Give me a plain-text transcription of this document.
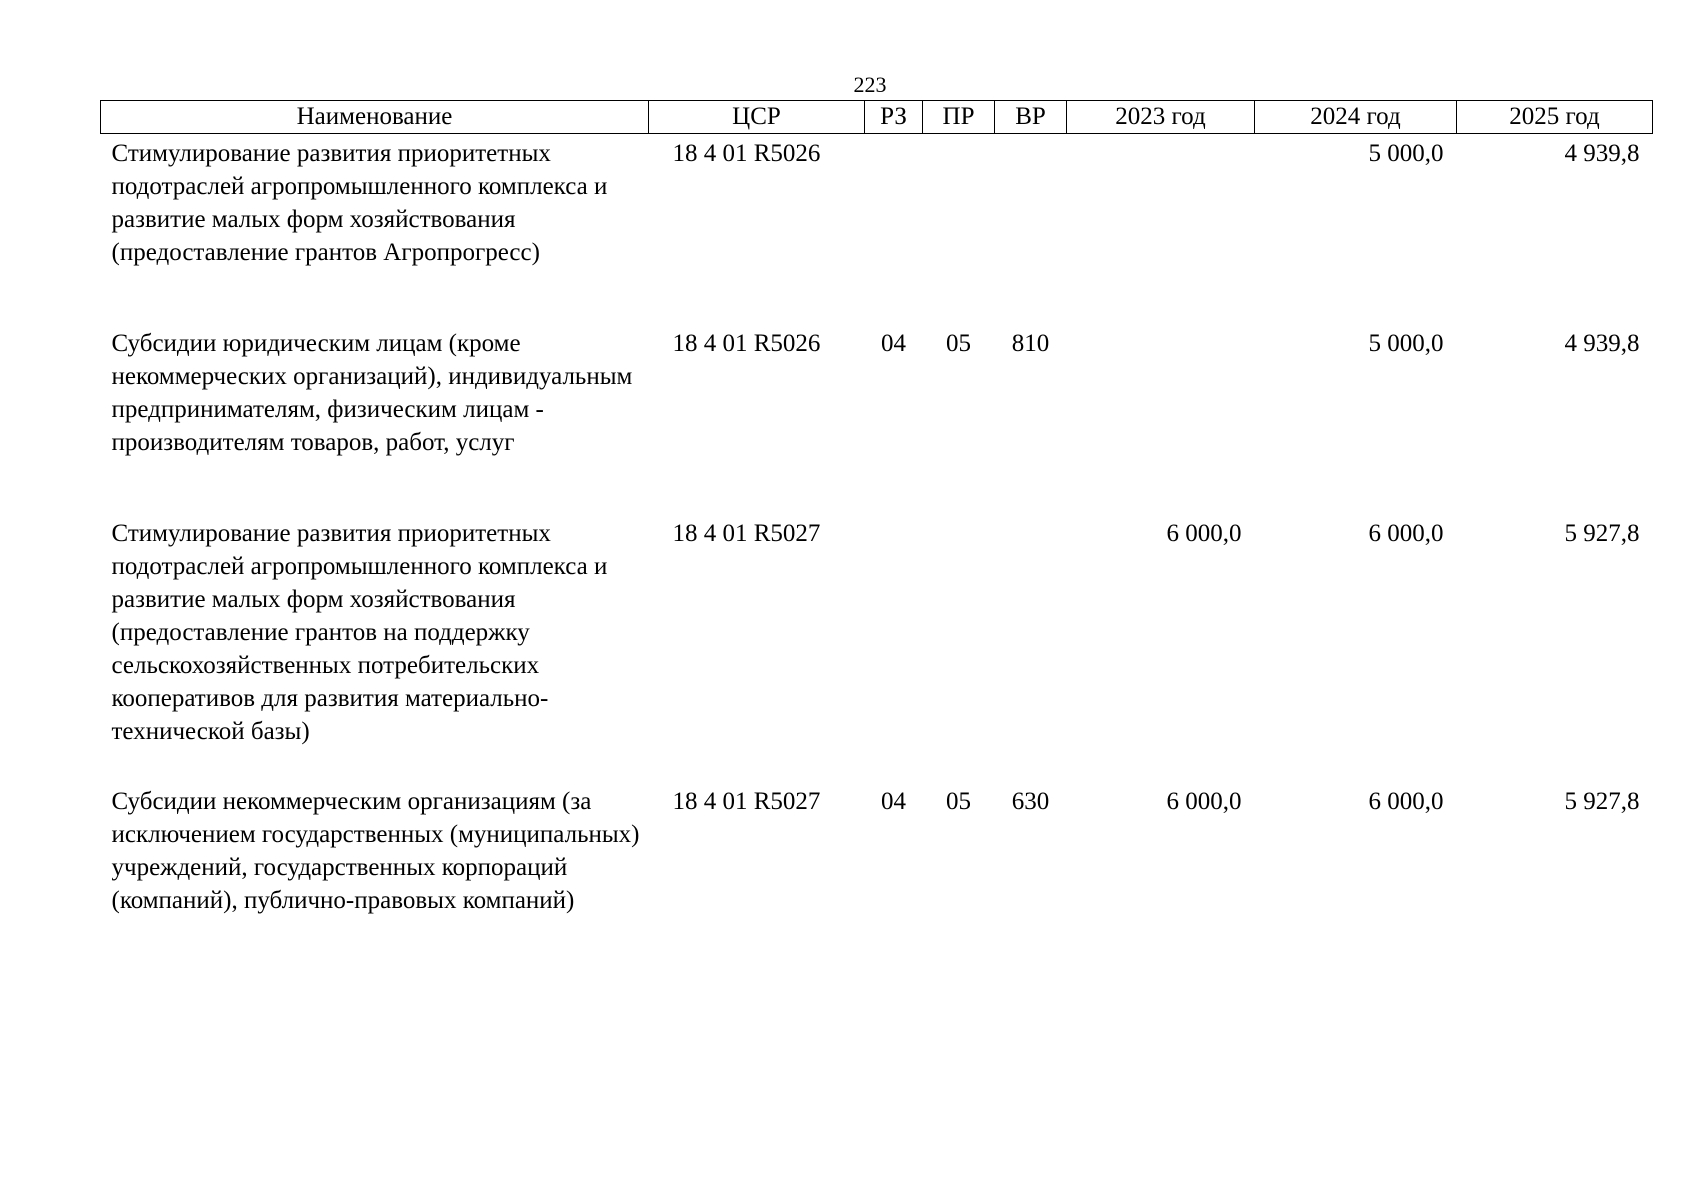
223
Наименование	ЦСР	РЗ	ПР	ВР	2023 год	2024 год	2025 год
Стимулирование развития приоритетных подотраслей агропромышленного комплекса и развитие малых форм хозяйствования (предоставление грантов Агропрогресс)	18 4 01 R5026					5 000,0	4 939,8
Субсидии юридическим лицам (кроме некоммерческих организаций), индивидуальным предпринимателям, физическим лицам - производителям товаров, работ, услуг	18 4 01 R5026	04	05	810		5 000,0	4 939,8
Стимулирование развития приоритетных подотраслей агропромышленного комплекса и развитие малых форм хозяйствования (предоставление грантов на поддержку сельскохозяйственных потребительских кооперативов для развития материально-технической базы)	18 4 01 R5027				6 000,0	6 000,0	5 927,8
Субсидии некоммерческим организациям (за исключением государственных (муниципальных) учреждений, государственных корпораций (компаний), публично-правовых компаний)	18 4 01 R5027	04	05	630	6 000,0	6 000,0	5 927,8
